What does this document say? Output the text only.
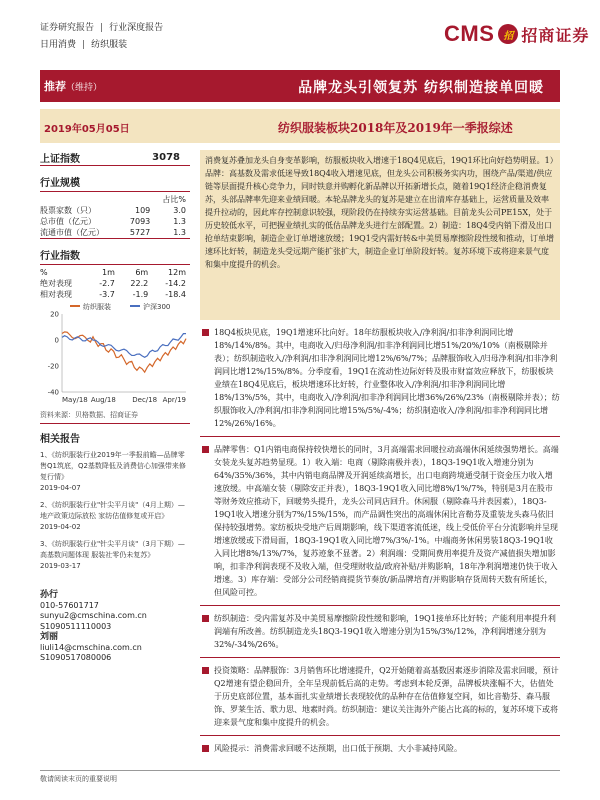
证券研究报告 | 行业深度报告
日用消费 | 纺织服装	CMS 招 招商证券
推荐（维持）	品牌龙头引领复苏 纺织制造接单回暖
2019年05月05日	纺织服装板块2018年及2019年一季报综述
上证指数	3078
行业规模
		占比%
股票家数（只）	109	3.0
总市值（亿元）	7093	1.3
流通市值（亿元）	5727	1.3
行业指数
%	1m	6m	12m
绝对表现	-2.7	22.2	-14.2
相对表现	-3.7	-1.9	-18.4
纺织服装	沪深300
20
0
-20
-40
May/18 Aug/18 Dec/18 Apr/19
资料来源：贝格数据、招商证券
相关报告
1、《纺织服装行业2019年一季报前瞻—品牌零售Q1筑底，Q2基数降低及消费信心加强带来修复行情》
2019-04-07
2、《纺织服装行业"针尖平月谈"（4月上期）—地产政策边际放松 家纺估值修复或开启》
2019-04-02
3、《纺织服装行业"针尖平月谈"（3月下期）—高基数问题体现 服装社零仍未复苏》
2019-03-17
孙行
010-57601717
sunyu2@cmschina.com.cn
S1090511110003
刘丽
liuli14@cmschina.com.cn
S1090517080006
消费复苏叠加龙头自身变革影响，纺服板块收入增速于18Q4见底后，19Q1环比向好趋势明显。1）品牌：高基数及需求低迷导致18Q4收入增速见底，但龙头公司积极务实内功，围绕产品/渠道/供应链等层面提升核心竞争力，同时铁意并购孵化新品牌以开拓新增长点，随着19Q1经济企稳消费复苏，头部品牌率先迎来业绩回暖。本轮品牌龙头的复苏是建立在出清库存基础上，运营质量及效率提升拉动的，因此库存控制意识较强，现阶段仍在持续夯实运营基础。目前龙头公司PE15X，处于历史较低水平，可把握业绩扎实的低估品牌龙头进行左部配置。2）制造：18Q4受内销下滑及出口抢单结束影响，制造企业订单增速放缓；19Q1受内需好转&中美贸易摩擦阶段性缓和推动，订单增速环比好转，制造龙头受远期产能扩张扩大，制造企业订单阶段好转。复苏环境下或将迎来景气度和集中度提升的机会。
18Q4板块见底，19Q1增速环比向好。18年纺服板块收入/净利润/扣非净利润同比增18%/14%/8%。其中，电商收入/归母净利润/扣非净利润同比增51%/20%/10%（南极剔除并表）；纺织制造收入/净利润/扣非净利润同比增12%/6%/7%；品牌服饰收入/归母净利润/扣非净利润同比增12%/15%/8%。分季度看，19Q1在流动性边际好转及股市财富效应释放下，纺服板块业绩在18Q4见底后，板块增速环比好转，行业整体收入/净利润/扣非净利润同比增18%/13%/5%，其中，电商收入/净利润/扣非净利润同比增36%/26%/23%（南极剔除并表）；纺织服饰收入/净利润/扣非净利润同比增15%/5%/-4%；纺织制造收入/净利润/扣非净利润同比增12%/26%/16%。
品牌零售：Q1内销电商保持较快增长的同时，3月高端需求回暖拉动高端休闲延续强势增长。高端女装龙头复苏趋势显现。1）收入端：电商（剔除南极并表），18Q3-19Q1收入增速分别为64%/35%/36%，其中内销电商品牌及开润延续高增长，出口电商跨境通受制于资金压力收入增速放缓。中高端女装（剔除安正并表），18Q3-19Q1收入同比增8%/1%/7%，特别是3月在股市等财务效应推动下，回暖势头提升，龙头公司同店回升。休闲服（剔除森马并表因素），18Q3-19Q1收入增速分别为7%/15%/15%，而产品调性突出的高端休闲比音勒芬及重装龙头森马依旧保持较强增势。家纺板块受地产后周期影响，线下渠道客流低迷，线上受低价平台分流影响并呈现增速放缓或下滑局面，18Q3-19Q1收入同比增7%/3%/-1%。中端商务休闲男装18Q3-19Q1收入同比增8%/13%/7%，复苏迹象不显著。2）利润端：受期间费用率提升及资产减值损失增加影响，扣非净利润表现不及收入端，但受理财收益/政府补贴/并购影响，18年净利润增速仍快于收入增速。3）库存端：受部分公司经销商提货节奏放/新品牌培育/并购影响存货周转天数有所延长，但风险可控。
纺织制造：受内需复苏及中美贸易摩擦阶段性缓和影响，19Q1接单环比好转；产能利用率提升利润端有所改善。纺织制造龙头18Q3-19Q1收入增速分别为15%/3%/12%，净利润增速分别为32%/-34%/26%。
投资策略：品牌服饰：3月销售环比增速提升，Q2开始随着高基数因素逐步消除及需求回暖，预计Q2增速有望企稳回升，全年呈现前低后高的走势。考虑到本轮反弹，品牌板块涨幅不大，估值处于历史底部位置，基本面扎实业绩增长表现较优的品种存在估值修复空间，如比音勒芬、森马服饰、罗莱生活、歌力思、地素时尚。纺织制造：建议关注海外产能占比高的标的，复苏环境下或将迎来景气度和集中度提升的机会。
风险提示：消费需求回暖不达预期，出口低于预期、大小非减持风险。
敬请阅读末页的重要说明
